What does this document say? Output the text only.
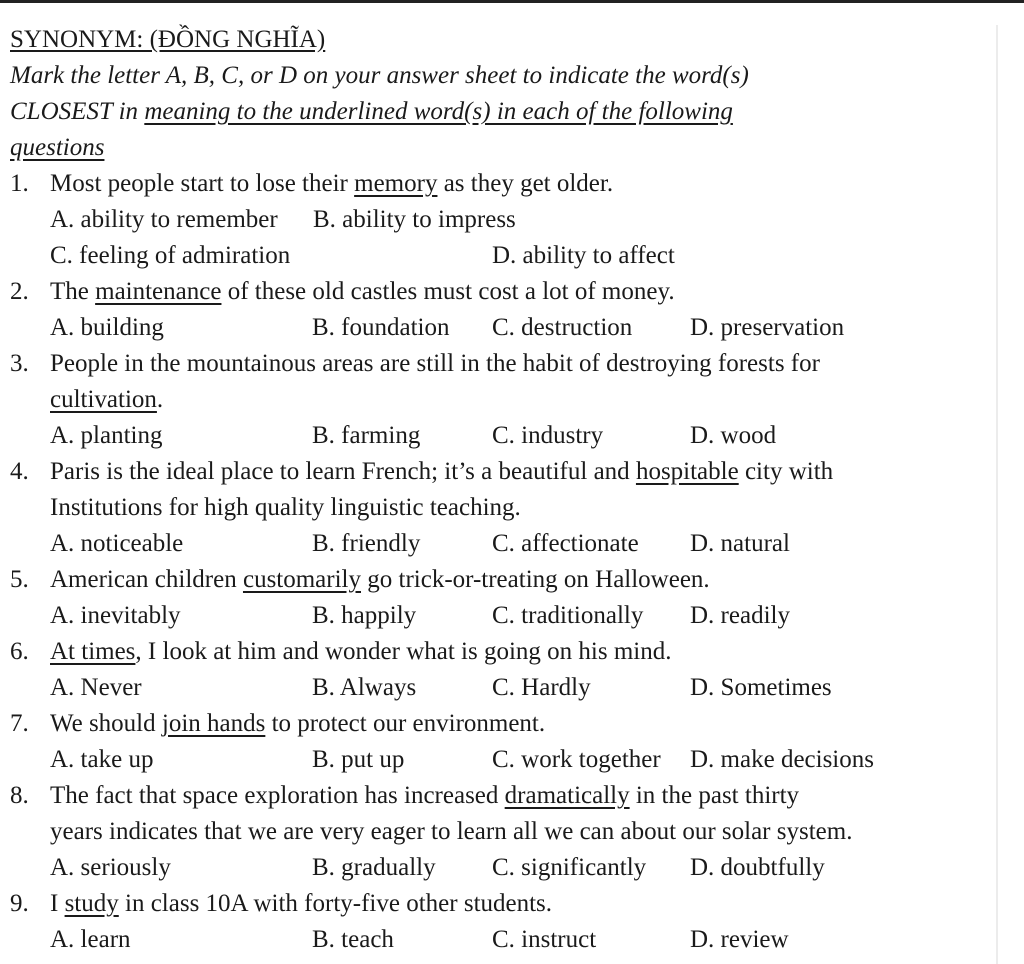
SYNONYM: (ĐỒNG NGHĨA)
Mark the letter A, B, C, or D on your answer sheet to indicate the word(s)
CLOSEST in meaning to the underlined word(s) in each of the following
questions
1. Most people start to lose their memory as they get older.
A. ability to remember B. ability to impress
C. feeling of admiration	D. ability to affect
2. The maintenance of these old castles must cost a lot of money.
A. building	B. foundation C. destruction D. preservation
3. People in the mountainous areas are still in the habit of destroying forests for
cultivation.
A. planting	B. farming	C. industry	D. wood
4. Paris is the ideal place to learn French; it’s a beautiful and hospitable city with
Institutions for high quality linguistic teaching.
A. noticeable	B. friendly	C. affectionate D. natural
5. American children customarily go trick-or-treating on Halloween.
A. inevitably	B. happily	C. traditionally D. readily
6. At times, I look at him and wonder what is going on his mind.
A. Never	B. Always	C. Hardly	D. Sometimes
7. We should join hands to protect our environment.
A. take up	B. put up	C. work together D. make decisions
8. The fact that space exploration has increased dramatically in the past thirty
years indicates that we are very eager to learn all we can about our solar system.
A. seriously	B. gradually C. significantly D. doubtfully
9. I study in class 10A with forty-five other students.
A. learn	B. teach	C. instruct	D. review
